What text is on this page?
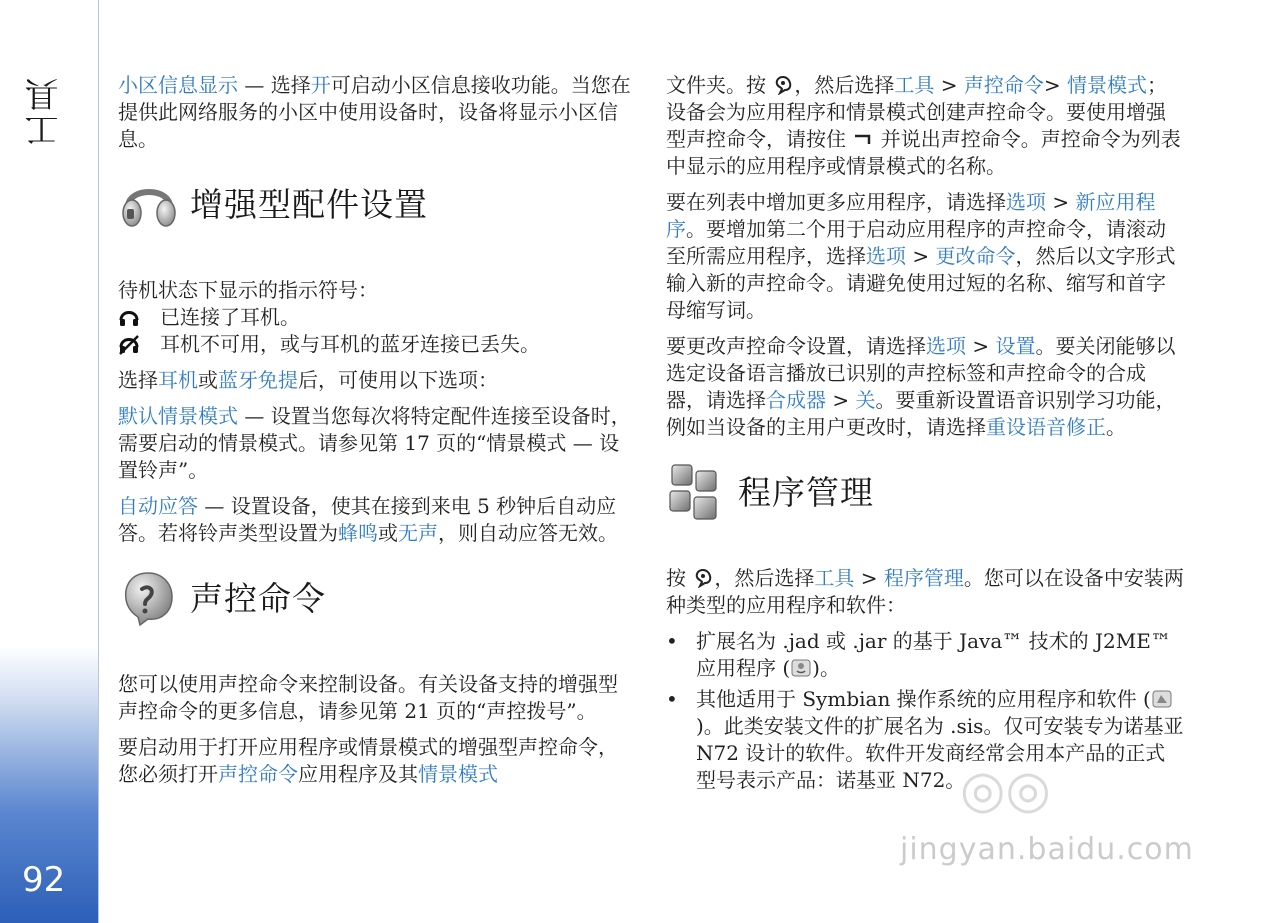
工具
92

小区信息显示 — 选择开可启动小区信息接收功能。当您在提供此网络服务的小区中使用设备时，设备将显示小区信息。

增强型配件设置

待机状态下显示的指示符号：

已连接了耳机。
耳机不可用，或与耳机的蓝牙连接已丢失。

选择耳机或蓝牙免提后，可使用以下选项：

默认情景模式 — 设置当您每次将特定配件连接至设备时，需要启动的情景模式。请参见第 17 页的“情景模式 — 设置铃声”。

自动应答 — 设置设备，使其在接到来电 5 秒钟后自动应答。若将铃声类型设置为蜂鸣或无声，则自动应答无效。

声控命令

您可以使用声控命令来控制设备。有关设备支持的增强型声控命令的更多信息，请参见第 21 页的“声控拨号”。

要启动用于打开应用程序或情景模式的增强型声控命令，您必须打开声控命令应用程序及其情景模式

文件夹。按 ，然后选择工具 > 声控命令> 情景模式；设备会为应用程序和情景模式创建声控命令。要使用增强型声控命令，请按住  并说出声控命令。声控命令为列表中显示的应用程序或情景模式的名称。

要在列表中增加更多应用程序，请选择选项 > 新应用程序。要增加第二个用于启动应用程序的声控命令，请滚动至所需应用程序，选择选项 > 更改命令，然后以文字形式输入新的声控命令。请避免使用过短的名称、缩写和首字母缩写词。

要更改声控命令设置，请选择选项 > 设置。要关闭能够以选定设备语言播放已识别的声控标签和声控命令的合成器，请选择合成器 > 关。要重新设置语音识别学习功能，例如当设备的主用户更改时，请选择重设语音修正。

程序管理

按 ，然后选择工具 > 程序管理。您可以在设备中安装两种类型的应用程序和软件：

• 扩展名为 .jad 或 .jar 的基于 Java™ 技术的 J2ME™ 应用程序 ( )。
• 其他适用于 Symbian 操作系统的应用程序和软件 ()。此类安装文件的扩展名为 .sis。仅可安装专为诺基亚 N72 设计的软件。软件开发商经常会用本产品的正式型号表示产品：诺基亚 N72。
◎◎
jingyan.baidu.com
